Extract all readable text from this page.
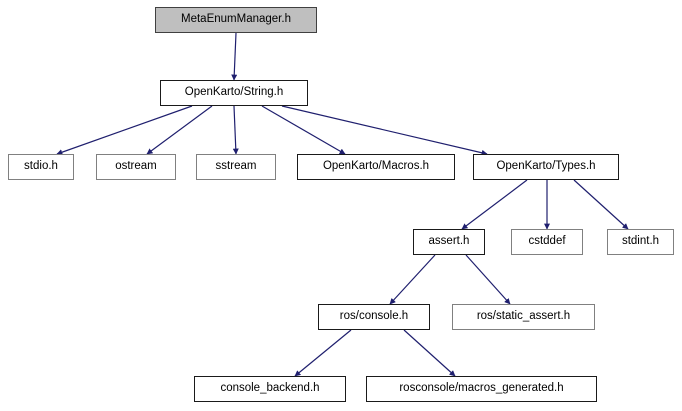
MetaEnumManager.h
OpenKarto/String.h
stdio.h	ostream	sstream	OpenKarto/Macros.h	OpenKarto/Types.h
assert.h	cstddef	stdint.h
ros/console.h	ros/static_assert.h
console_backend.h	rosconsole/macros_generated.h
